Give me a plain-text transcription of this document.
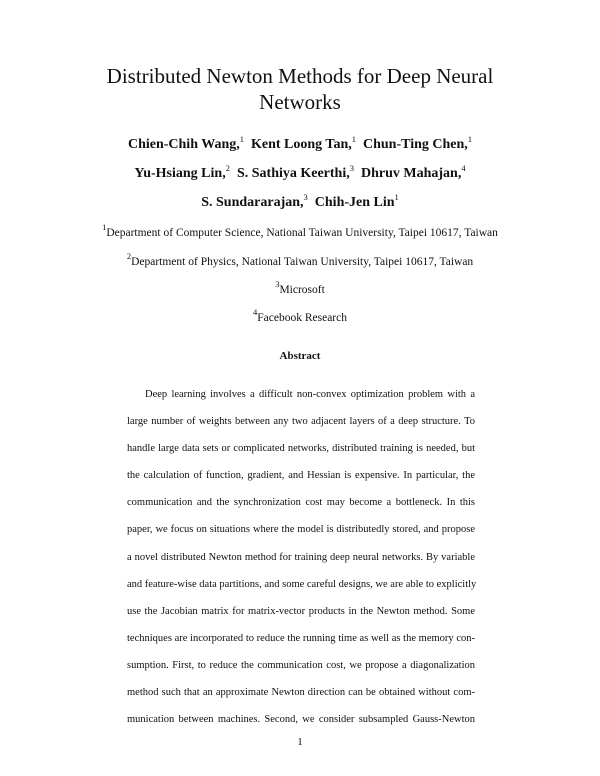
Distributed Newton Methods for Deep Neural
Networks
Chien-Chih Wang,$^1$ Kent Loong Tan,$^1$ Chun-Ting Chen,$^1$
Yu-Hsiang Lin,$^2$ S. Sathiya Keerthi,$^3$ Dhruv Mahajan,$^4$
S. Sundararajan,$^3$ Chih-Jen Lin$^1$
$^1$Department of Computer Science, National Taiwan University, Taipei 10617, Taiwan
$^2$Department of Physics, National Taiwan University, Taipei 10617, Taiwan
$^3$Microsoft
$^4$Facebook Research
Abstract
Deep learning involves a difficult non-convex optimization problem with a
large number of weights between any two adjacent layers of a deep structure. To
handle large data sets or complicated networks, distributed training is needed, but
the calculation of function, gradient, and Hessian is expensive. In particular, the
communication and the synchronization cost may become a bottleneck. In this
paper, we focus on situations where the model is distributedly stored, and propose
a novel distributed Newton method for training deep neural networks. By variable
and feature-wise data partitions, and some careful designs, we are able to explicitly
use the Jacobian matrix for matrix-vector products in the Newton method. Some
techniques are incorporated to reduce the running time as well as the memory con-
sumption. First, to reduce the communication cost, we propose a diagonalization
method such that an approximate Newton direction can be obtained without com-
munication between machines. Second, we consider subsampled Gauss-Newton
1
